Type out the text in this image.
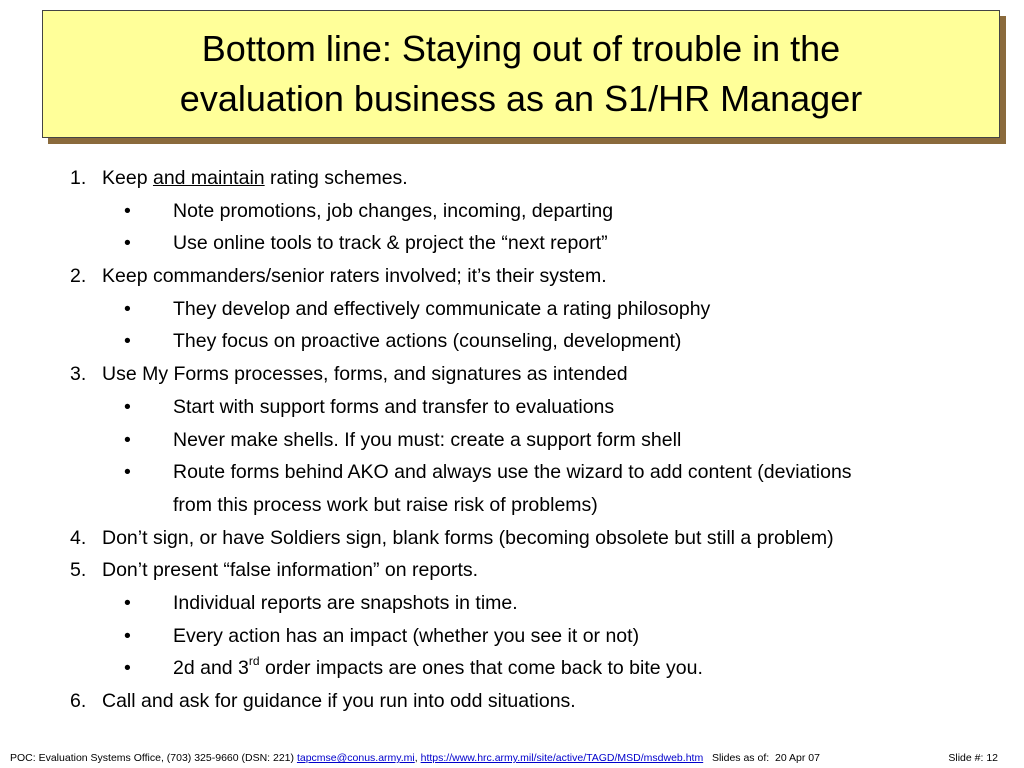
Bottom line: Staying out of trouble in the
evaluation business as an S1/HR Manager
1. Keep and maintain rating schemes.
• Note promotions, job changes, incoming, departing
• Use online tools to track & project the “next report”
2. Keep commanders/senior raters involved; it’s their system.
• They develop and effectively communicate a rating philosophy
• They focus on proactive actions (counseling, development)
3. Use My Forms processes, forms, and signatures as intended
• Start with support forms and transfer to evaluations
• Never make shells. If you must: create a support form shell
• Route forms behind AKO and always use the wizard to add content (deviations
from this process work but raise risk of problems)
4. Don’t sign, or have Soldiers sign, blank forms (becoming obsolete but still a problem)
5. Don’t present “false information” on reports.
• Individual reports are snapshots in time.
• Every action has an impact (whether you see it or not)
• 2d and 3rd order impacts are ones that come back to bite you.
6. Call and ask for guidance if you run into odd situations.
POC: Evaluation Systems Office, (703) 325-9660 (DSN: 221) tapcmse@conus.army.mi, https://www.hrc.army.mil/site/active/TAGD/MSD/msdweb.htm   Slides as of:  20 Apr 07	Slide #: 12
